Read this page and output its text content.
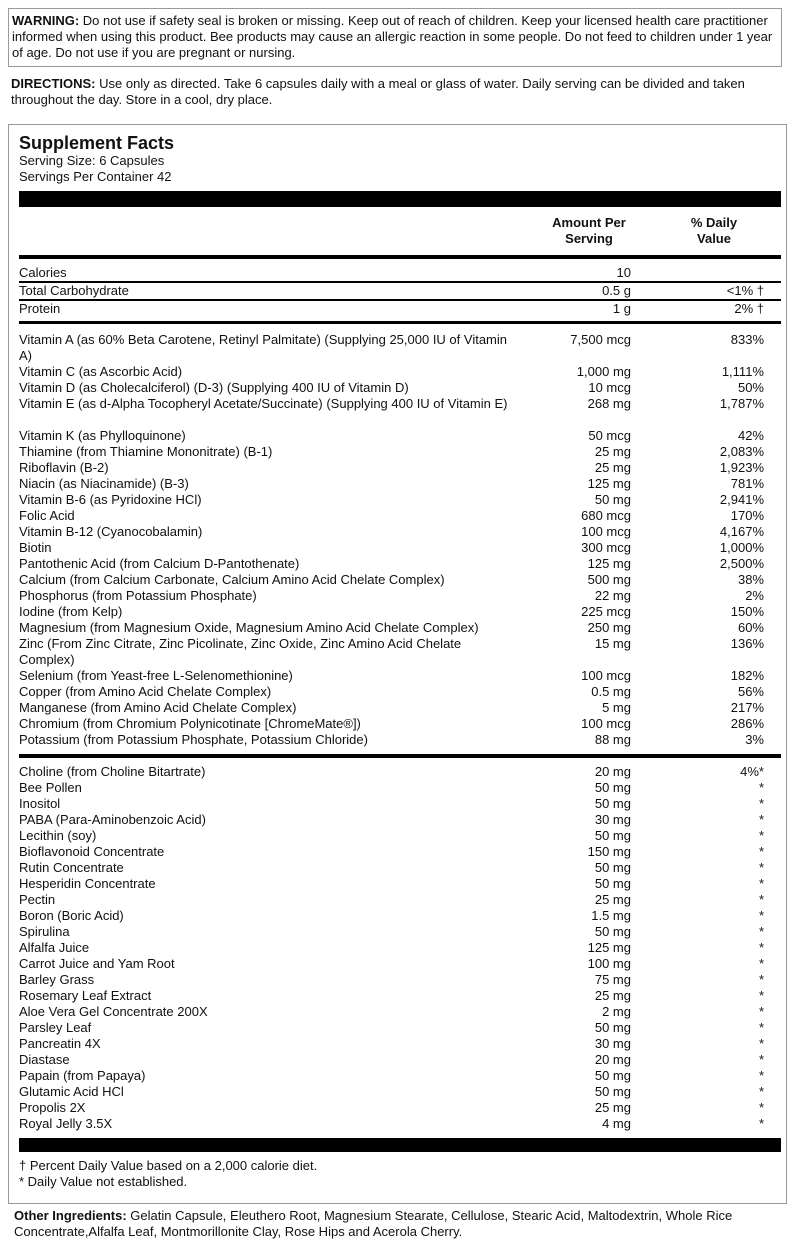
WARNING: Do not use if safety seal is broken or missing. Keep out of reach of children. Keep your licensed health care practitioner informed when using this product. Bee products may cause an allergic reaction in some people. Do not feed to children under 1 year of age. Do not use if you are pregnant or nursing.
DIRECTIONS: Use only as directed. Take 6 capsules daily with a meal or glass of water. Daily serving can be divided and taken throughout the day. Store in a cool, dry place.
Supplement Facts
Serving Size: 6 Capsules
Servings Per Container 42
Amount Per Serving
% Daily Value
Calories	10
Total Carbohydrate	0.5 g	<1% †
Protein	1 g	2% †
Vitamin A (as 60% Beta Carotene, Retinyl Palmitate) (Supplying 25,000 IU of Vitamin A)
7,500 mcg	833%
Vitamin C (as Ascorbic Acid)	1,000 mg	1,111%
Vitamin D (as Cholecalciferol) (D-3) (Supplying 400 IU of Vitamin D)	10 mcg	50%
Vitamin E (as d-Alpha Tocopheryl Acetate/Succinate) (Supplying 400 IU of Vitamin E)	268 mg	1,787%
Vitamin K (as Phylloquinone)	50 mcg	42%
Thiamine (from Thiamine Mononitrate) (B-1)	25 mg	2,083%
Riboflavin (B-2)	25 mg	1,923%
Niacin (as Niacinamide) (B-3)	125 mg	781%
Vitamin B-6 (as Pyridoxine HCl)	50 mg	2,941%
Folic Acid	680 mcg	170%
Vitamin B-12 (Cyanocobalamin)	100 mcg	4,167%
Biotin	300 mcg	1,000%
Pantothenic Acid (from Calcium D-Pantothenate)	125 mg	2,500%
Calcium (from Calcium Carbonate, Calcium Amino Acid Chelate Complex)	500 mg	38%
Phosphorus (from Potassium Phosphate)	22 mg	2%
Iodine (from Kelp)	225 mcg	150%
Magnesium (from Magnesium Oxide, Magnesium Amino Acid Chelate Complex)	250 mg	60%
Zinc (From Zinc Citrate, Zinc Picolinate, Zinc Oxide, Zinc Amino Acid Chelate Complex)
15 mg	136%
Selenium (from Yeast-free L-Selenomethionine)	100 mcg	182%
Copper (from Amino Acid Chelate Complex)	0.5 mg	56%
Manganese (from Amino Acid Chelate Complex)	5 mg	217%
Chromium (from Chromium Polynicotinate [ChromeMate®])	100 mcg	286%
Potassium (from Potassium Phosphate, Potassium Chloride)	88 mg	3%
Choline (from Choline Bitartrate)	20 mg	4%*
Bee Pollen	50 mg	*
Inositol	50 mg	*
PABA (Para-Aminobenzoic Acid)	30 mg	*
Lecithin (soy)	50 mg	*
Bioflavonoid Concentrate	150 mg	*
Rutin Concentrate	50 mg	*
Hesperidin Concentrate	50 mg	*
Pectin	25 mg	*
Boron (Boric Acid)	1.5 mg	*
Spirulina	50 mg	*
Alfalfa Juice	125 mg	*
Carrot Juice and Yam Root	100 mg	*
Barley Grass	75 mg	*
Rosemary Leaf Extract	25 mg	*
Aloe Vera Gel Concentrate 200X	2 mg	*
Parsley Leaf	50 mg	*
Pancreatin 4X	30 mg	*
Diastase	20 mg	*
Papain (from Papaya)	50 mg	*
Glutamic Acid HCl	50 mg	*
Propolis 2X	25 mg	*
Royal Jelly 3.5X	4 mg	*
† Percent Daily Value based on a 2,000 calorie diet.
* Daily Value not established.
Other Ingredients: Gelatin Capsule, Eleuthero Root, Magnesium Stearate, Cellulose, Stearic Acid, Maltodextrin, Whole Rice Concentrate,Alfalfa Leaf, Montmorillonite Clay, Rose Hips and Acerola Cherry.
